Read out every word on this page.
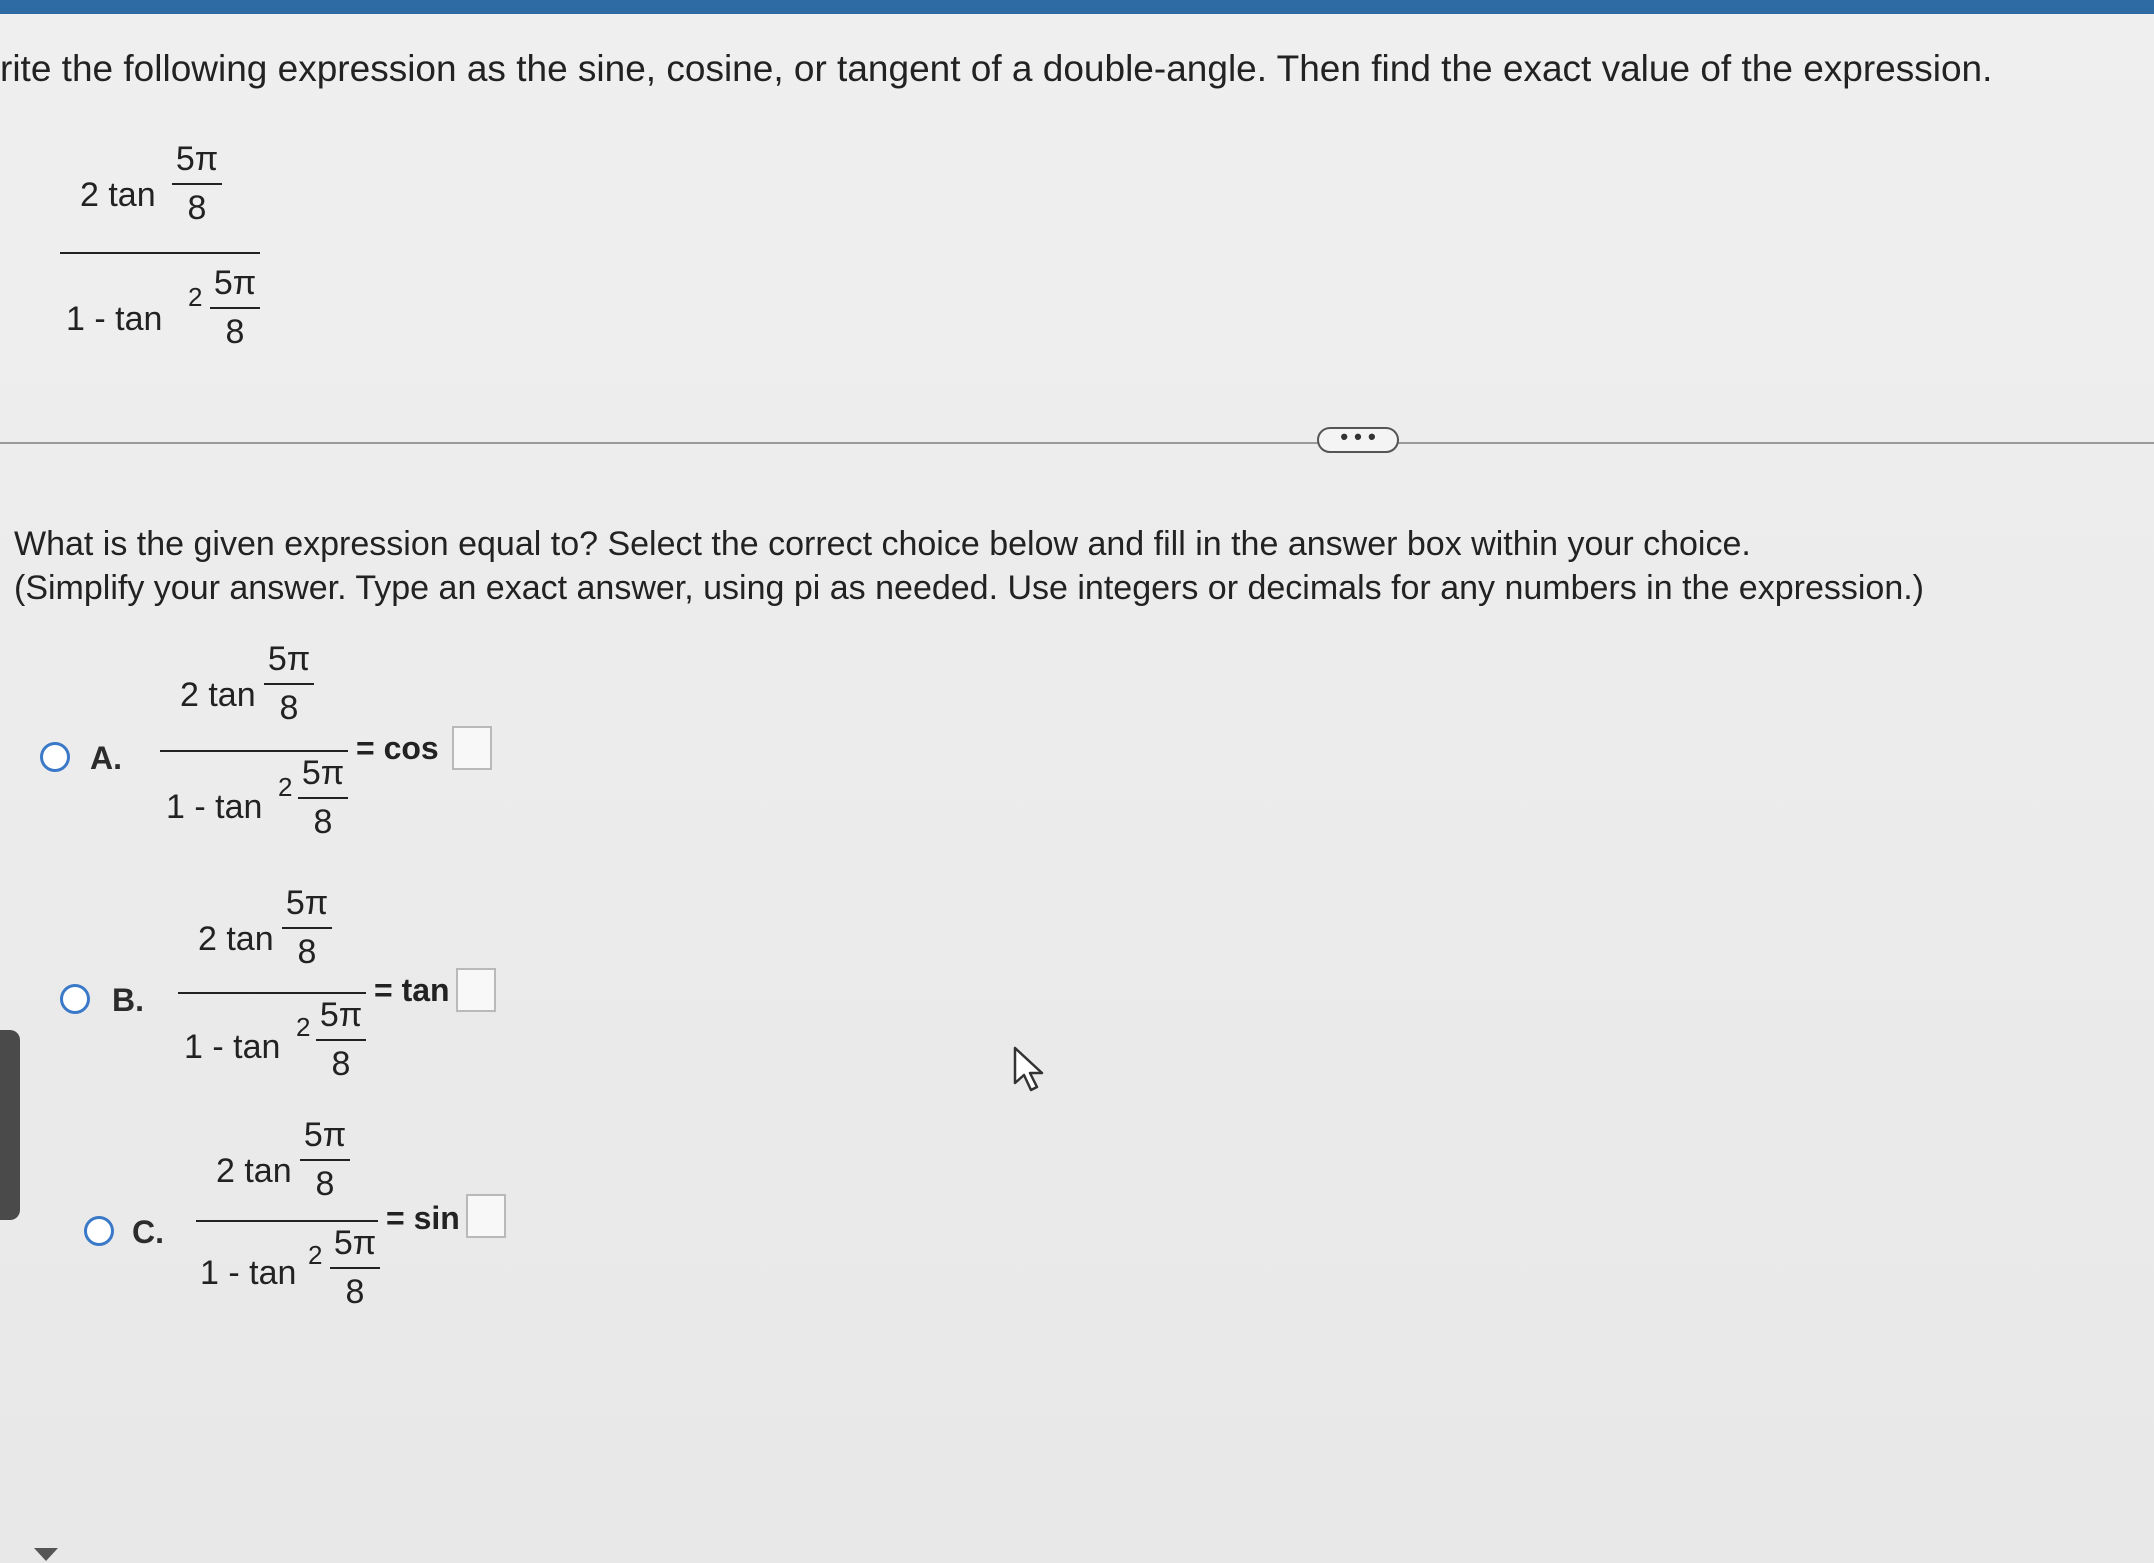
rite the following expression as the sine, cosine, or tangent of a double-angle. Then find the exact value of the expression.
2 tan
5π
8
1 - tan
2 5π
8
• • •
What is the given expression equal to? Select the correct choice below and fill in the answer box within your choice.
(Simplify your answer. Type an exact answer, using pi as needed. Use integers or decimals for any numbers in the expression.)
A.
2 tan
5π
8
1 - tan
2 5π
8
= cos
B.
2 tan
5π
8
1 - tan
2 5π
8
= tan
C.
2 tan
5π
8
1 - tan 2 5π
8
= sin
